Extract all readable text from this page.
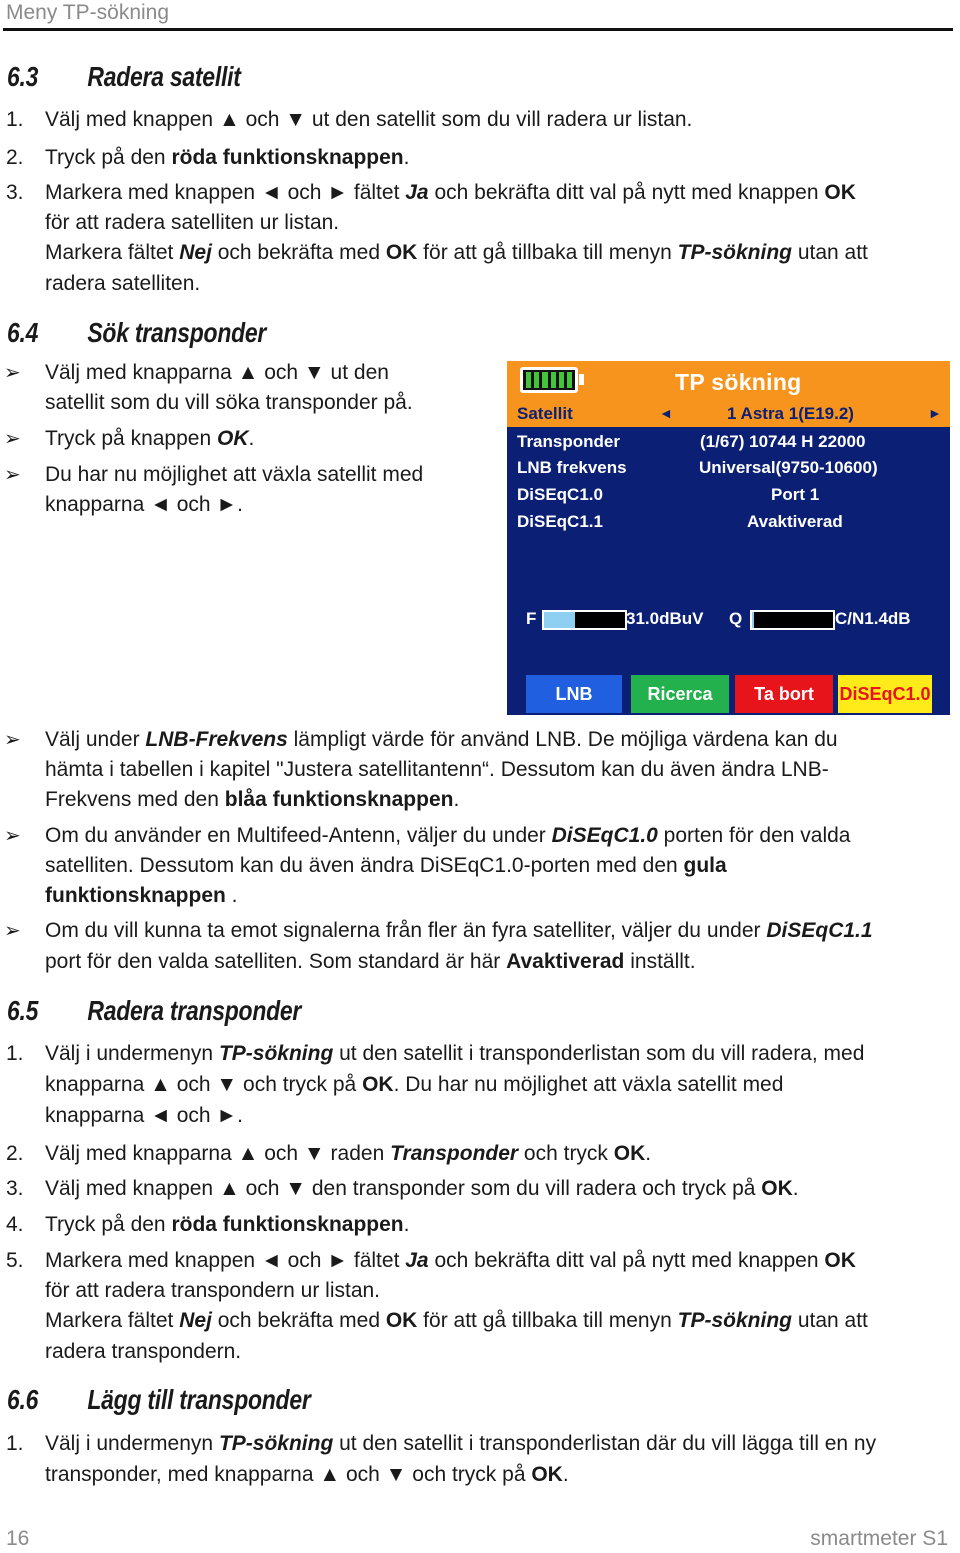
Meny TP-sökning
6.3 Radera satellit
1. Välj med knappen ▲ och ▼ ut den satellit som du vill radera ur listan.
2. Tryck på den röda funktionsknappen.
3. Markera med knappen ◄ och ► fältet Ja och bekräfta ditt val på nytt med knappen OK
för att radera satelliten ur listan.
Markera fältet Nej och bekräfta med OK för att gå tillbaka till menyn TP-sökning utan att
radera satelliten.
6.4 Sök transponder
➢ Välj med knapparna ▲ och ▼ ut den
satellit som du vill söka transponder på.
➢ Tryck på knappen OK.
➢ Du har nu möjlighet att växla satellit med
knapparna ◄ och ►.
TP sökning
Satellit	◄	1 Astra 1(E19.2)	►
Transponder	(1/67) 10744 H 22000
LNB frekvens	Universal(9750-10600)
DiSEqC1.0	Port 1
DiSEqC1.1	Avaktiverad
F	31.0dBuV Q	C/N1.4dB
LNB	Ricerca	Ta bort	DiSEqC1.0
➢ Välj under LNB-Frekvens lämpligt värde för använd LNB. De möjliga värdena kan du
hämta i tabellen i kapitel "Justera satellitantenn“. Dessutom kan du även ändra LNB-
Frekvens med den blåa funktionsknappen.
➢ Om du använder en Multifeed-Antenn, väljer du under DiSEqC1.0 porten för den valda
satelliten. Dessutom kan du även ändra DiSEqC1.0-porten med den gula
funktionsknappen .
➢ Om du vill kunna ta emot signalerna från fler än fyra satelliter, väljer du under DiSEqC1.1
port för den valda satelliten. Som standard är här Avaktiverad inställt.
6.5 Radera transponder
1. Välj i undermenyn TP-sökning ut den satellit i transponderlistan som du vill radera, med
knapparna ▲ och ▼ och tryck på OK. Du har nu möjlighet att växla satellit med
knapparna ◄ och ►.
2. Välj med knapparna ▲ och ▼ raden Transponder och tryck OK.
3. Välj med knappen ▲ och ▼ den transponder som du vill radera och tryck på OK.
4. Tryck på den röda funktionsknappen.
5. Markera med knappen ◄ och ► fältet Ja och bekräfta ditt val på nytt med knappen OK
för att radera transpondern ur listan.
Markera fältet Nej och bekräfta med OK för att gå tillbaka till menyn TP-sökning utan att
radera transpondern.
6.6 Lägg till transponder
1. Välj i undermenyn TP-sökning ut den satellit i transponderlistan där du vill lägga till en ny
transponder, med knapparna ▲ och ▼ och tryck på OK.
16	smartmeter S1
